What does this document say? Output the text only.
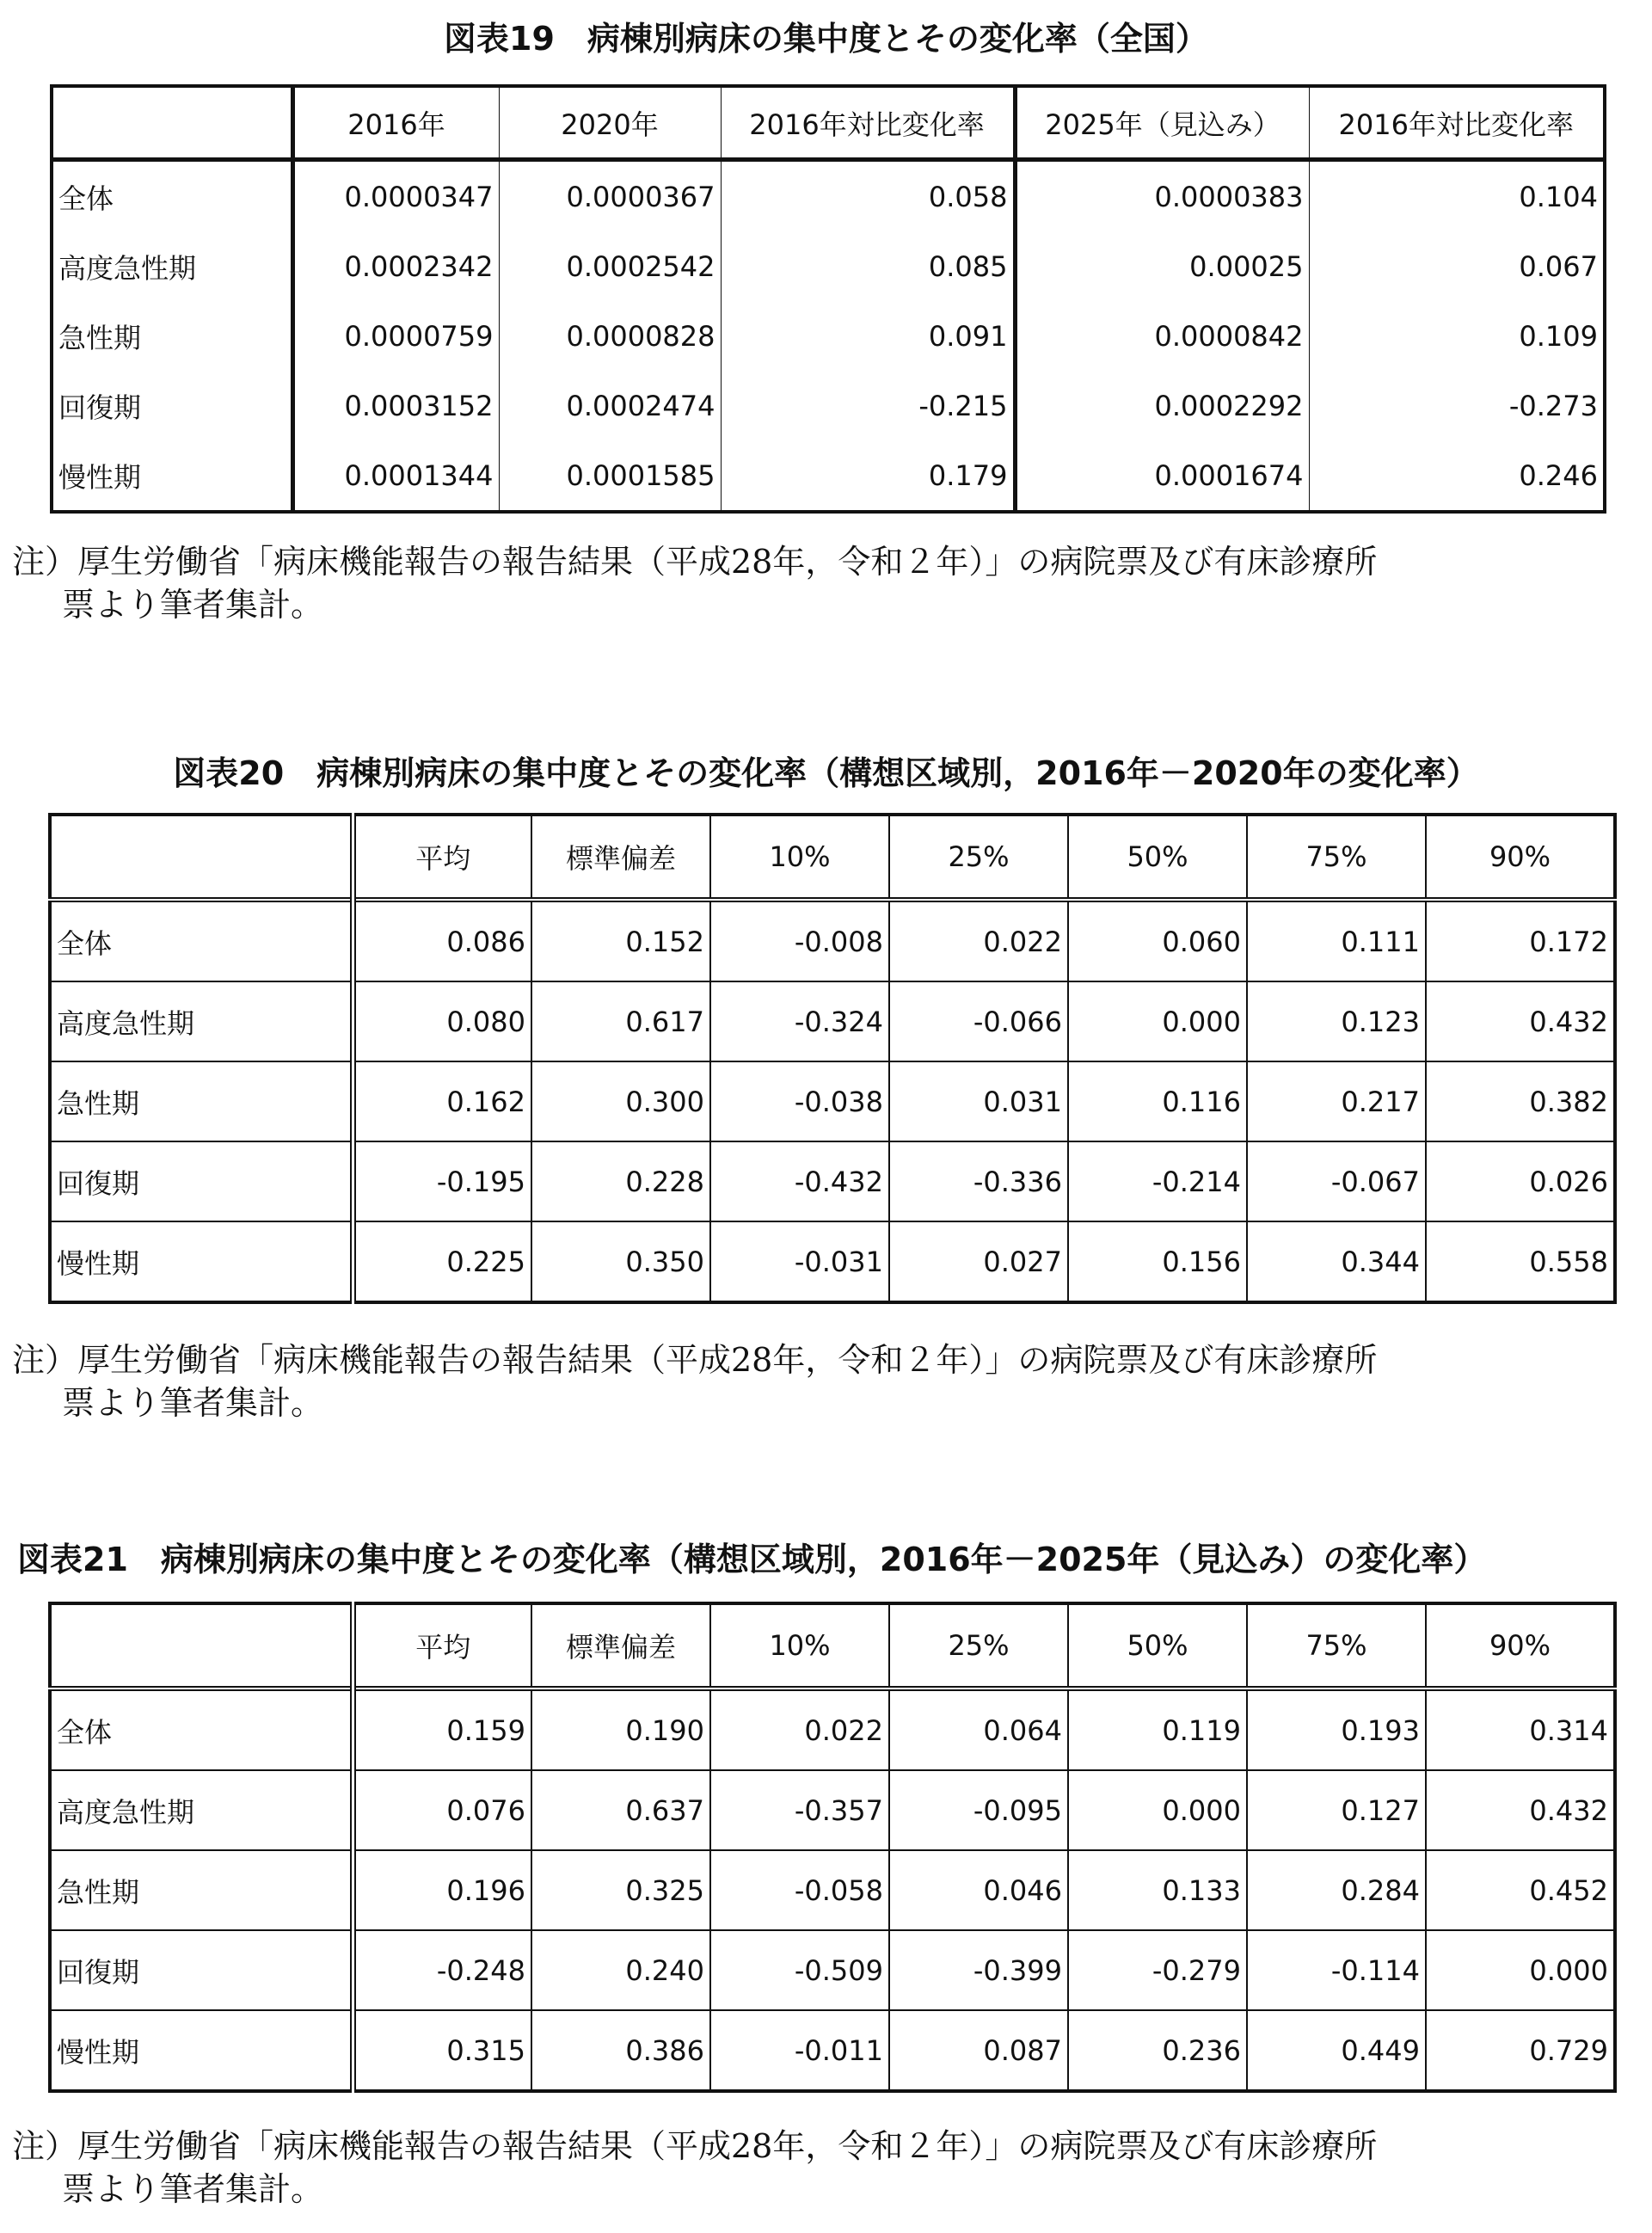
図表19　病棟別病床の集中度とその変化率（全国）
	2016年	2020年	2016年対比変化率	2025年（見込み）	2016年対比変化率
全体	0.0000347	0.0000367	0.058	0.0000383	0.104
高度急性期	0.0002342	0.0002542	0.085	0.00025	0.067
急性期	0.0000759	0.0000828	0.091	0.0000842	0.109
回復期	0.0003152	0.0002474	-0.215	0.0002292	-0.273
慢性期	0.0001344	0.0001585	0.179	0.0001674	0.246
注）厚生労働省「病床機能報告の報告結果（平成28年，令和２年）」の病院票及び有床診療所
票より筆者集計。
図表20　病棟別病床の集中度とその変化率（構想区域別，2016年－2020年の変化率）
	平均	標準偏差	10%	25%	50%	75%	90%
全体	0.086	0.152	-0.008	0.022	0.060	0.111	0.172
高度急性期	0.080	0.617	-0.324	-0.066	0.000	0.123	0.432
急性期	0.162	0.300	-0.038	0.031	0.116	0.217	0.382
回復期	-0.195	0.228	-0.432	-0.336	-0.214	-0.067	0.026
慢性期	0.225	0.350	-0.031	0.027	0.156	0.344	0.558
注）厚生労働省「病床機能報告の報告結果（平成28年，令和２年）」の病院票及び有床診療所
票より筆者集計。
図表21　病棟別病床の集中度とその変化率（構想区域別，2016年－2025年（見込み）の変化率）
	平均	標準偏差	10%	25%	50%	75%	90%
全体	0.159	0.190	0.022	0.064	0.119	0.193	0.314
高度急性期	0.076	0.637	-0.357	-0.095	0.000	0.127	0.432
急性期	0.196	0.325	-0.058	0.046	0.133	0.284	0.452
回復期	-0.248	0.240	-0.509	-0.399	-0.279	-0.114	0.000
慢性期	0.315	0.386	-0.011	0.087	0.236	0.449	0.729
注）厚生労働省「病床機能報告の報告結果（平成28年，令和２年）」の病院票及び有床診療所
票より筆者集計。
